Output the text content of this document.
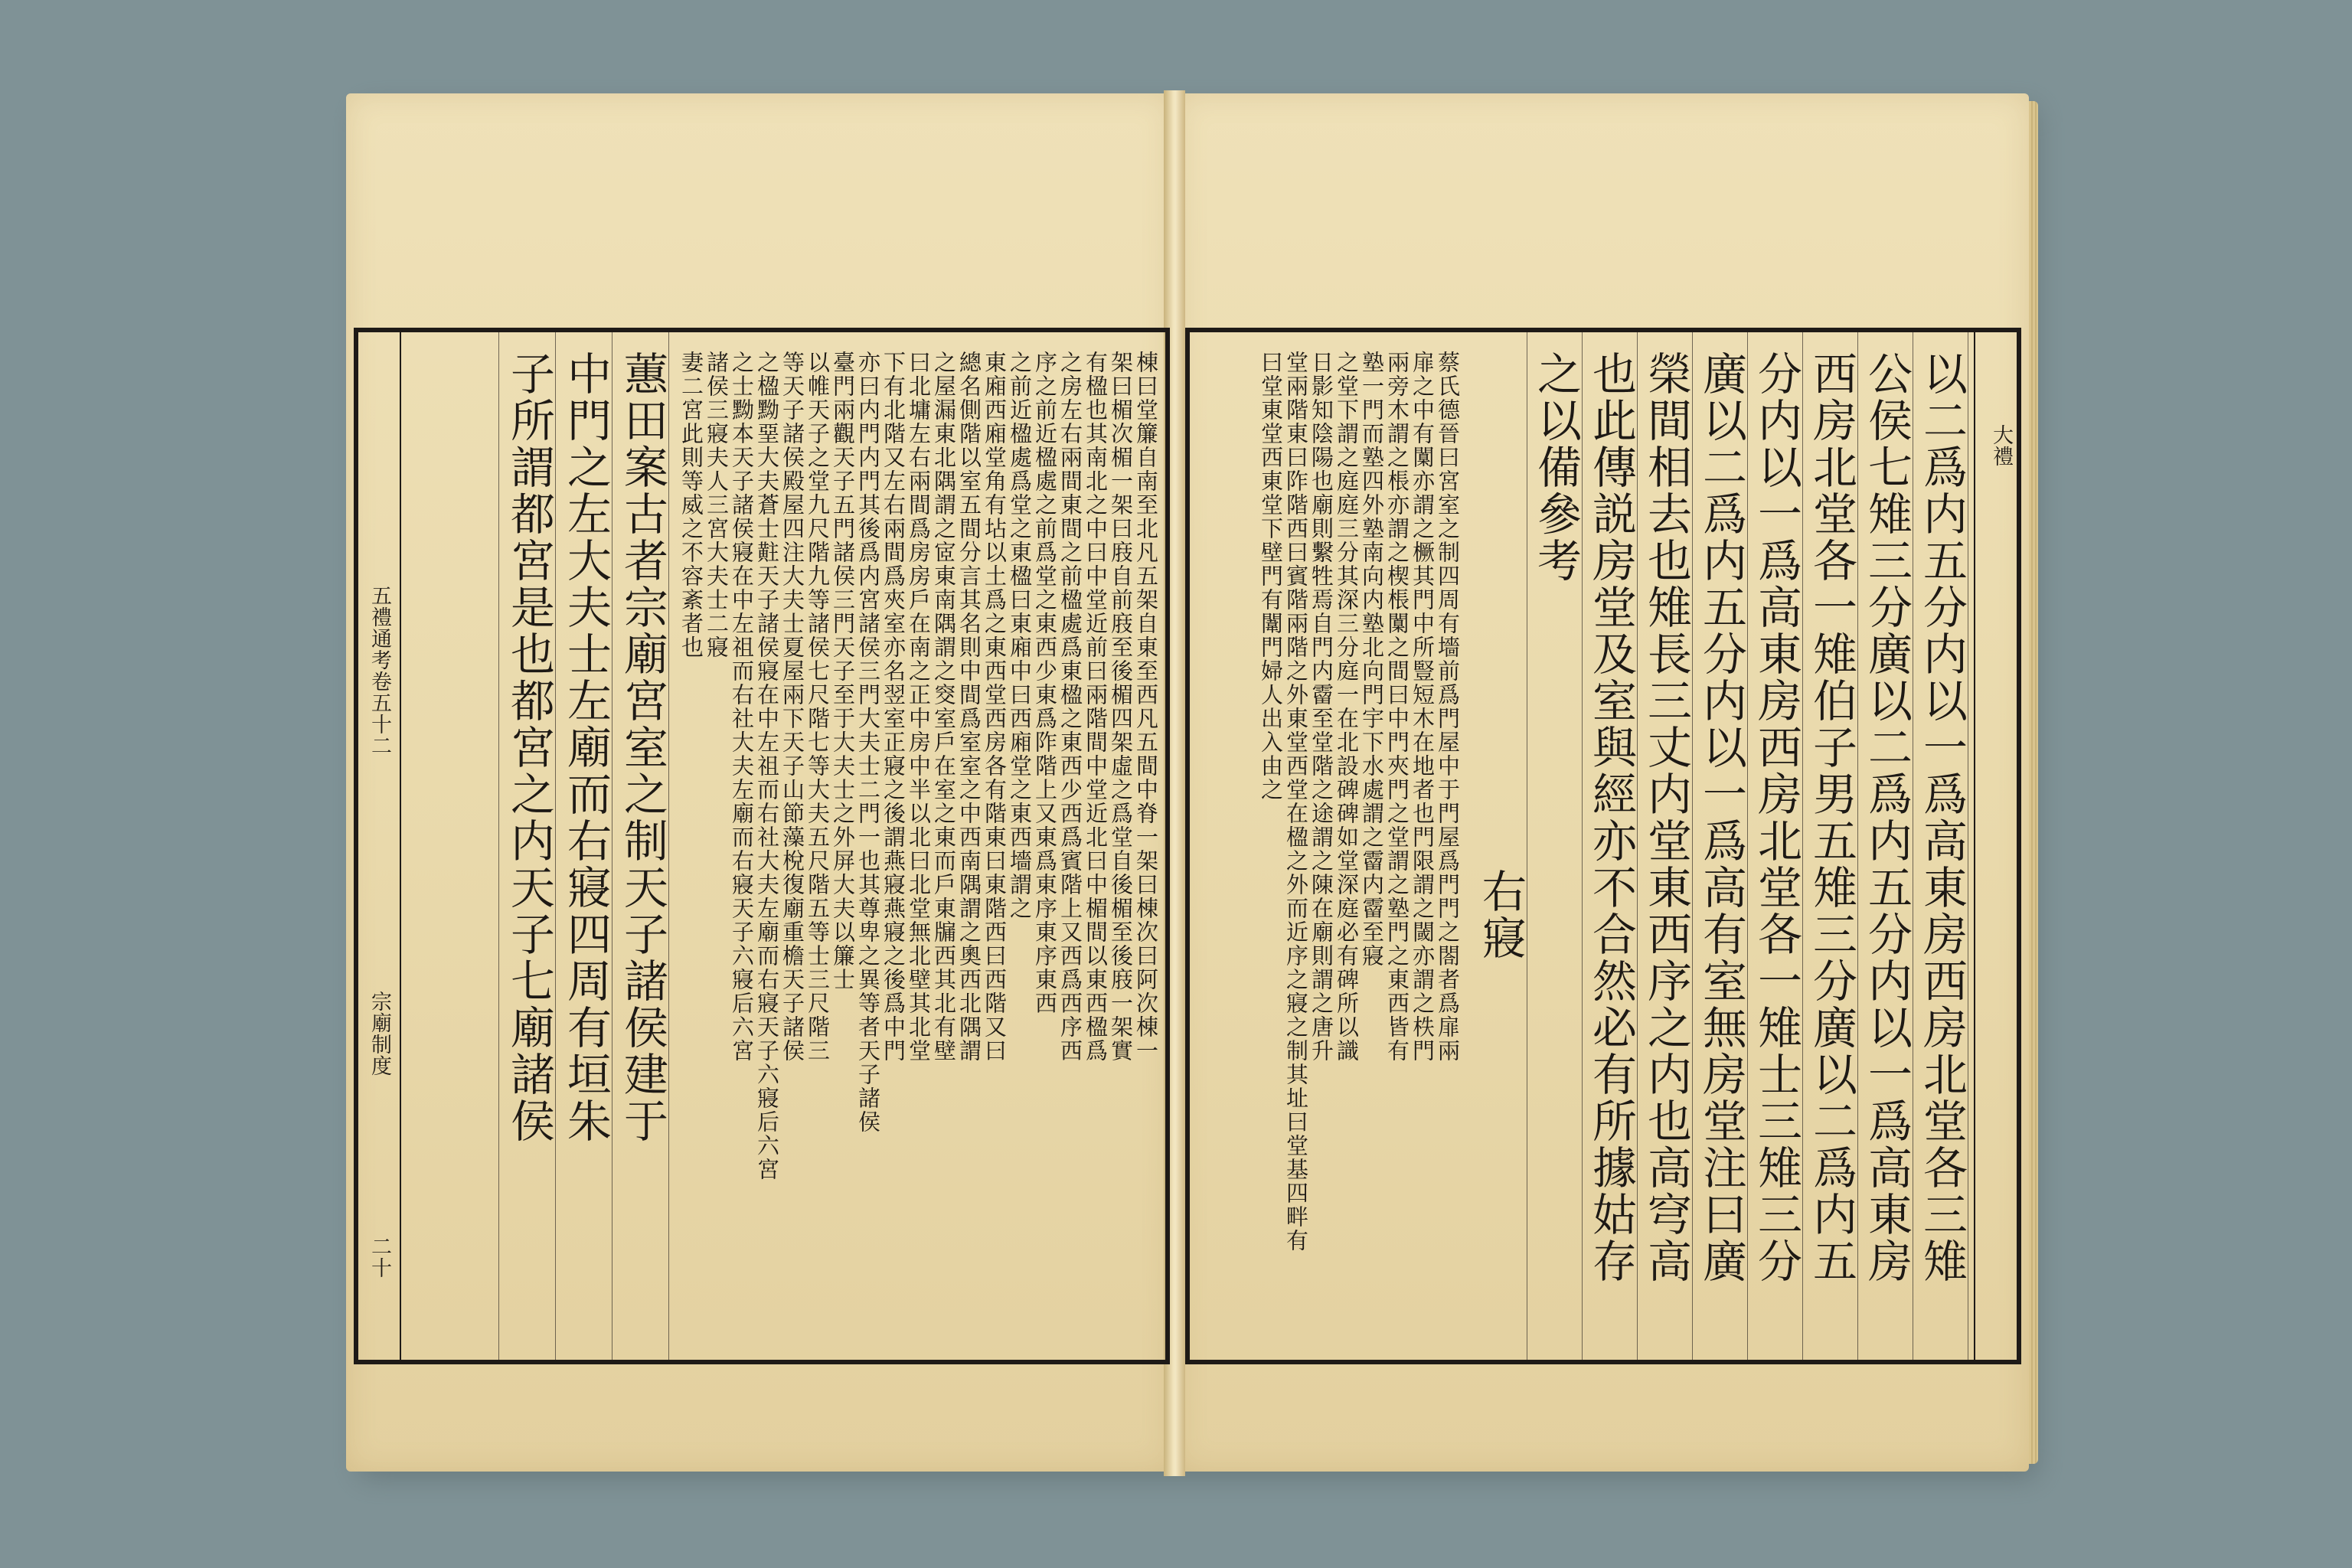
五禮通考卷五十二
宗廟制度
二十
棟曰堂簾自南至北凡五架自東至西凡五間中脊一架曰棟次曰阿次棟一
架曰楣次楣一架曰庪自前庪至後楣四架虛之爲堂自後楣至後庪一架實
有楹也其南北之中曰中堂近前曰兩階間中堂近北曰中楣間以東西楹爲
之房左右兩間東間之前楹處爲東楹之東西少西爲賓階上又西爲西序西
序之前近楹處之前爲堂之東西少東爲阼階上又東爲東序東序東西
之前近楹處爲堂之東楹曰東廂中曰西廂堂之東西墻謂之
東廂西廂堂角有坫以土爲之東西堂西房各有階東曰東階西曰西階又曰
總名側階以室五間分言其名則中間爲室室之中西南隅謂之奧西北隅謂
之屋漏東北隅謂之宧東南隅謂之窔室戶在室之東而戶東牖西其北有壁
曰北墉左右兩間爲房房戶在南之正中房中半以北曰北堂無北壁其北堂
下有北階又左右兩間爲夾室亦名翌室正寢之後謂燕寢燕寢之後爲中門
亦曰内門内門其後爲内宮諸侯三門大夫士二門一也其尊卑之異等者天子諸侯
臺門兩觀天子五門諸侯三門天子至于大夫士之外屏大夫以簾士
以帷天子之堂九尺階九等諸侯七尺階七等大夫五尺階五等士三尺階三
等天子諸侯殿屋四注大夫士夏屋兩下天子山節藻梲復廟重檐天子諸侯
之楹黝堊大夫蒼士黈天子諸侯寢在中左祖而右社大夫左廟而右寢天子六寢后六宮
之士黝本天子諸侯寢在中左祖而右社大夫左廟而右寢天子六寢后六宮
諸侯三寢夫人三宮大夫士二寢
妻二宮此則等威之不容紊者也
蕙田案古者宗廟宮室之制天子諸侯建于
中門之左大夫士左廟而右寢四周有垣朱
子所謂都宮是也都宮之内天子七廟諸侯	大禮
以二爲内五分内以一爲高東房西房北堂各三雉
公侯七雉三分廣以二爲内五分内以一爲高東房
西房北堂各一雉伯子男五雉三分廣以二爲内五
分内以一爲高東房西房北堂各一雉士三雉三分
廣以二爲内五分内以一爲高有室無房堂注曰廣
榮間相去也雉長三丈内堂東西序之内也高穹高
也此傳説房堂及室與經亦不合然必有所據姑存
之以備參考
右寢
蔡氏德晉曰宮室之制四周有墻前爲門屋中于門屋爲門門之閤者爲扉兩
扉之中有闑亦謂之橛其門中所豎短木在地者也門限謂之閾亦謂之柣門
兩旁木謂之棖亦謂之楔棖闑之間曰中門夾門之堂謂之塾門之東西皆有
塾一門而塾四外塾南向内塾北向門宇下水處謂之霤内霤至寢
之堂下謂之庭庭三分其深三分庭一在北設碑碑如堂深庭必有碑所以識
日影知陰陽也廟則繫牲焉自門内霤至堂階之途謂之陳在廟則謂之唐升
堂兩階東曰阼階西曰賓階兩階之外東堂西堂在楹之外而近序之寢之制其址曰堂基四畔有
曰堂東堂西東堂下壁門有闈門婦人出入由之
